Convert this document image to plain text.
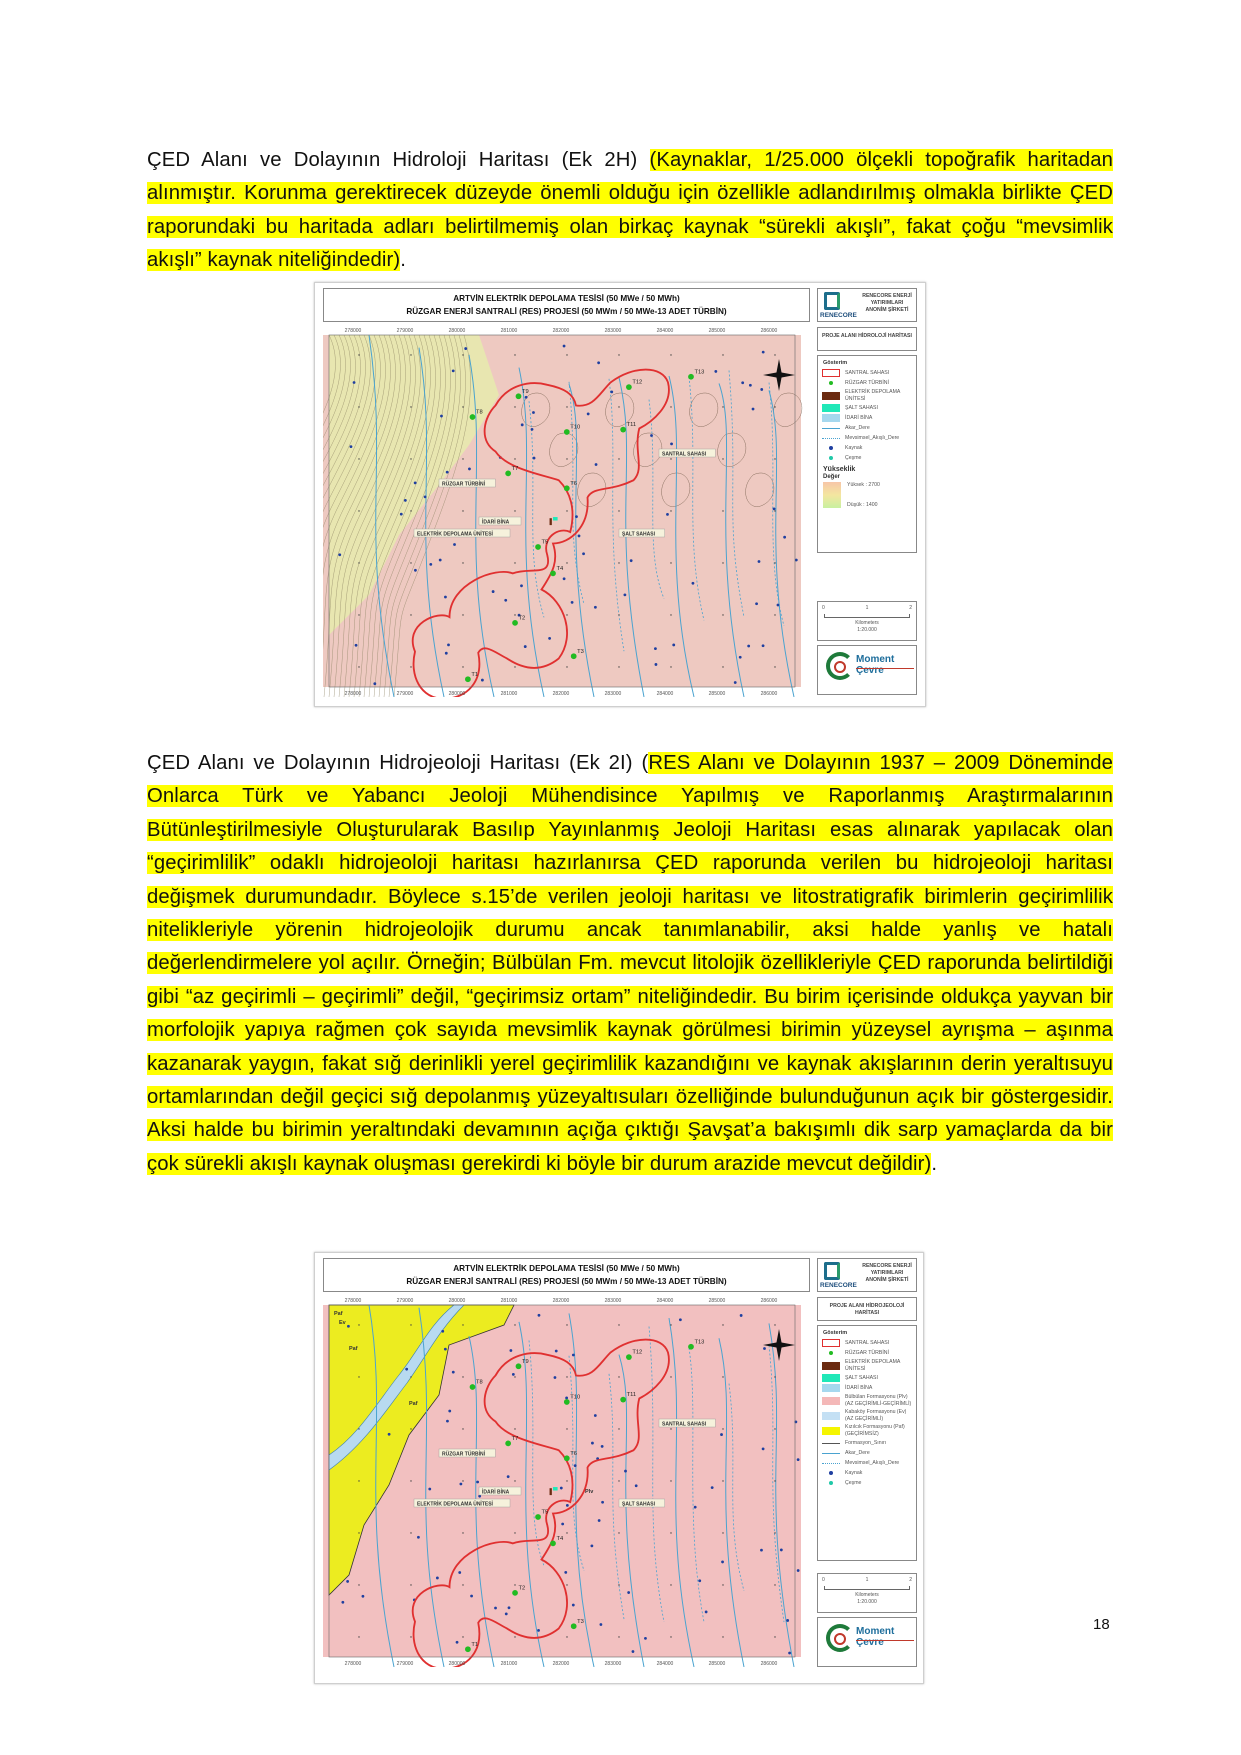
ÇED Alanı ve Dolayının Hidroloji Haritası (Ek 2H) (Kaynaklar, 1/25.000 ölçekli topoğrafik haritadan alınmıştır. Korunma gerektirecek düzeyde önemli olduğu için özellikle adlandırılmış olmakla birlikte ÇED raporundaki bu haritada adları belirtilmemiş olan birkaç kaynak “sürekli akışlı”, fakat çoğu “mevsimlik akışlı” kaynak niteliğindedir).
ARTVİN ELEKTRİK DEPOLAMA TESİSİ (50 MWe / 50 MWh)
RÜZGAR ENERJİ SANTRALİ (RES) PROJESİ (50 MWm / 50 MWe-13 ADET TÜRBİN)	RENECORE
RENECORE ENERJİ YATIRIMLARI ANONİM ŞİRKETİ
PROJE ALANI HİDROLOJİ HARİTASI
Gösterim
SANTRAL SAHASI
RÜZGAR TÜRBİNİ
ELEKTRİK DEPOLAMA ÜNİTESİ
ŞALT SAHASI
İDARİ BİNA
Akar_Dere
Mevsimsel_Akışlı_Dere
Kaynak
Çeşme
Yükseklik
Değer
Yüksek : 2700
Düşük : 1400
0	1	2
Kilometers
1:20.000
Moment Çevre
T1
T2
T3
T4
T5
T6
T7
T8
T9
T10	T11
T12
T13
RÜZGAR TÜRBİNİ
İDARİ BİNA
ELEKTRİK DEPOLAMA ÜNİTESİ	ŞALT SAHASI
SANTRAL SAHASI
278000
278000
279000
279000
280000
280000
281000
281000
282000
282000
283000
283000
284000
284000
285000
285000
286000
286000
ÇED Alanı ve Dolayının Hidrojeoloji Haritası (Ek 2I) (RES Alanı ve Dolayının 1937 – 2009 Döneminde Onlarca Türk ve Yabancı Jeoloji Mühendisince Yapılmış ve Raporlanmış Araştırmalarının Bütünleştirilmesiyle Oluşturularak Basılıp Yayınlanmış Jeoloji Haritası esas alınarak yapılacak olan “geçirimlilik” odaklı hidrojeoloji haritası hazırlanırsa ÇED raporunda verilen bu hidrojeoloji haritası değişmek durumundadır. Böylece s.15’de verilen jeoloji haritası ve litostratigrafik birimlerin geçirimlilik nitelikleriyle yörenin hidrojeolojik durumu ancak tanımlanabilir, aksi halde yanlış ve hatalı değerlendirmelere yol açılır. Örneğin; Bülbülan Fm. mevcut litolojik özellikleriyle ÇED raporunda belirtildiği gibi “az geçirimli – geçirimli” değil, “geçirimsiz ortam” niteliğindedir. Bu birim içerisinde oldukça yayvan bir morfolojik yapıya rağmen çok sayıda mevsimlik kaynak görülmesi birimin yüzeysel ayrışma – aşınma kazanarak yaygın, fakat sığ derinlikli yerel geçirimlilik kazandığını ve kaynak akışlarının derin yeraltısuyu ortamlarından değil geçici sığ depolanmış yüzeyaltısuları özelliğinde bulunduğunun açık bir göstergesidir. Aksi halde bu birimin yeraltındaki devamının açığa çıktığı Şavşat’a bakışımlı dik sarp yamaçlarda da bir çok sürekli akışlı kaynak oluşması gerekirdi ki böyle bir durum arazide mevcut değildir).
ARTVİN ELEKTRİK DEPOLAMA TESİSİ (50 MWe / 50 MWh)
RÜZGAR ENERJİ SANTRALİ (RES) PROJESİ (50 MWm / 50 MWe-13 ADET TÜRBİN)	RENECORE
RENECORE ENERJİ YATIRIMLARI ANONİM ŞİRKETİ
PROJE ALANI HİDROJEOLOJİ HARİTASI
Gösterim
SANTRAL SAHASI
RÜZGAR TÜRBİNİ
ELEKTRİK DEPOLAMA ÜNİTESİ
ŞALT SAHASI
İDARİ BİNA
Bülbülan Formasyonu (Plv) (AZ GEÇİRİMLİ-GEÇİRİMLİ)
Kabaköy Formasyonu (Ev) (AZ GEÇİRİMLİ)
Kızılcık Formasyonu (Paf) (GEÇİRİMSİZ)
Formasyon_Sınırı
Akar_Dere
Mevsimsel_Akışlı_Dere
Kaynak
Çeşme
0	1	2
Kilometers
1:20.000
Moment Çevre
Paf
Ev
Paf
Paf
Plv
T1
T2
T3
T4
T5
T6
T7
T8
T9
T10	T11
T12
T13
RÜZGAR TÜRBİNİ
İDARİ BİNA
ELEKTRİK DEPOLAMA ÜNİTESİ	ŞALT SAHASI
SANTRAL SAHASI
278000
278000
279000
279000
280000
280000
281000
281000
282000
282000
283000
283000
284000
284000
285000
285000
286000
286000
18
